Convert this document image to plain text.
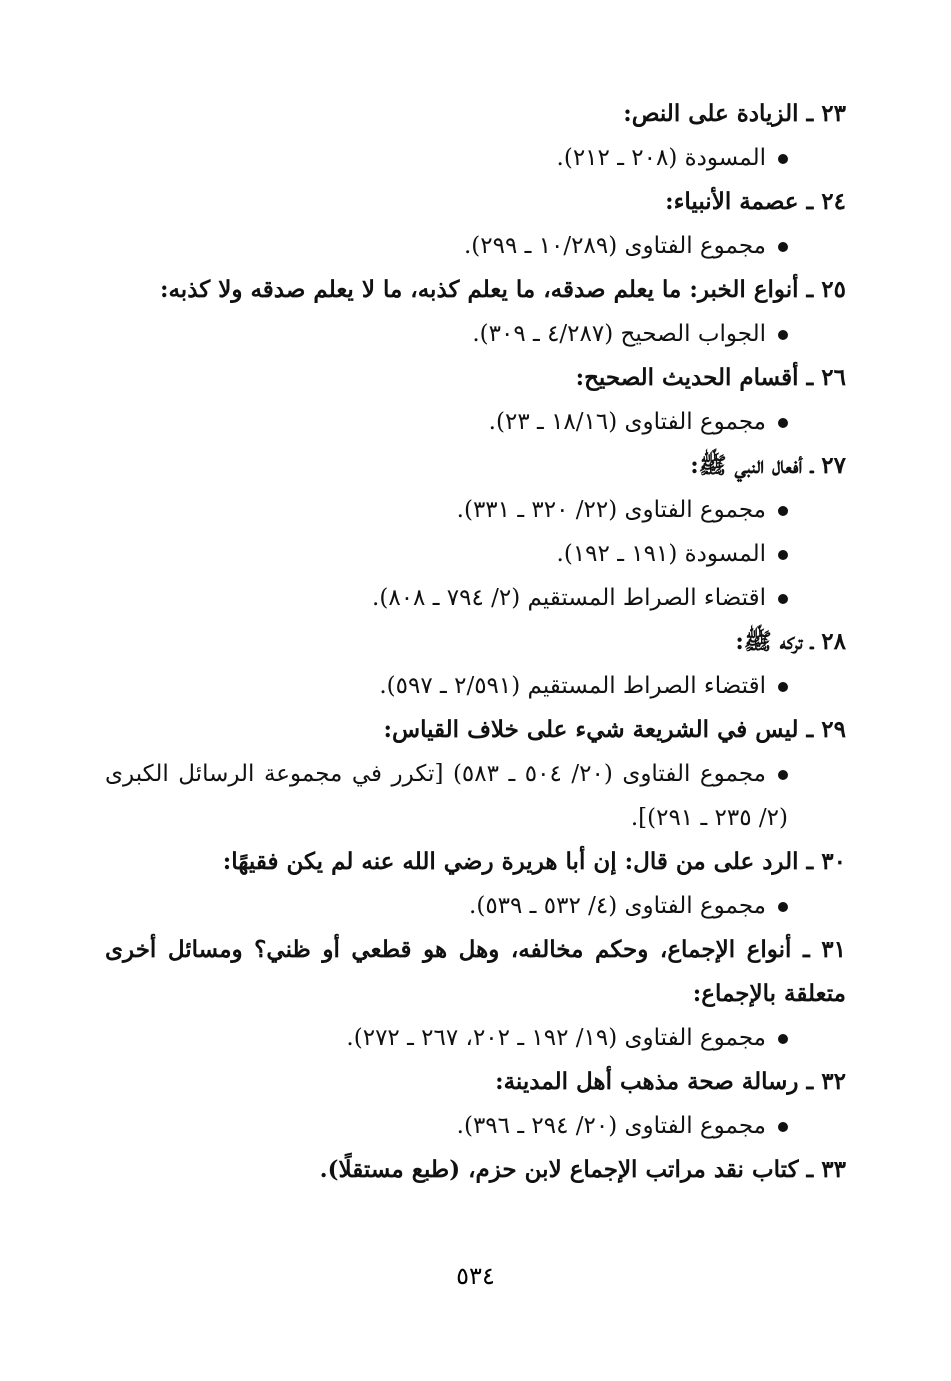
٢٣ ـ الزيادة على النص:

المسودة (٢٠٨ ـ ٢١٢).

٢٤ ـ عصمة الأنبياء:

مجموع الفتاوى (١٠/٢٨٩ ـ ٢٩٩).

٢٥ ـ أنواع الخبر: ما يعلم صدقه، ما يعلم كذبه، ما لا يعلم صدقه ولا كذبه:

الجواب الصحيح (٤/٢٨٧ ـ ٣٠٩).

٢٦ ـ أقسام الحديث الصحيح:

مجموع الفتاوى (١٨/١٦ ـ ٢٣).

٢٧ ـ أفعال النبي ﷺ:

مجموع الفتاوى (٢٢/ ٣٢٠ ـ ٣٣١).

المسودة (١٩١ ـ ١٩٢).

اقتضاء الصراط المستقيم (٢/ ٧٩٤ ـ ٨٠٨).

٢٨ ـ تركه ﷺ:

اقتضاء الصراط المستقيم (٢/٥٩١ ـ ٥٩٧).

٢٩ ـ ليس في الشريعة شيء على خلاف القياس:

مجموع الفتاوى (٢٠/ ٥٠٤ ـ ٥٨٣) [تكرر في مجموعة الرسائل الكبرى (٢/ ٢٣٥ ـ ٢٩١)].

٣٠ ـ الرد على من قال: إن أبا هريرة رضي الله عنه لم يكن فقيهًا:

مجموع الفتاوى (٤/ ٥٣٢ ـ ٥٣٩).

٣١ ـ أنواع الإجماع، وحكم مخالفه، وهل هو قطعي أو ظني؟ ومسائل أخرى متعلقة بالإجماع:

مجموع الفتاوى (١٩/ ١٩٢ ـ ٢٠٢، ٢٦٧ ـ ٢٧٢).

٣٢ ـ رسالة صحة مذهب أهل المدينة:

مجموع الفتاوى (٢٠/ ٢٩٤ ـ ٣٩٦).

٣٣ ـ كتاب نقد مراتب الإجماع لابن حزم، (طبع مستقلًا).

٥٣٤
